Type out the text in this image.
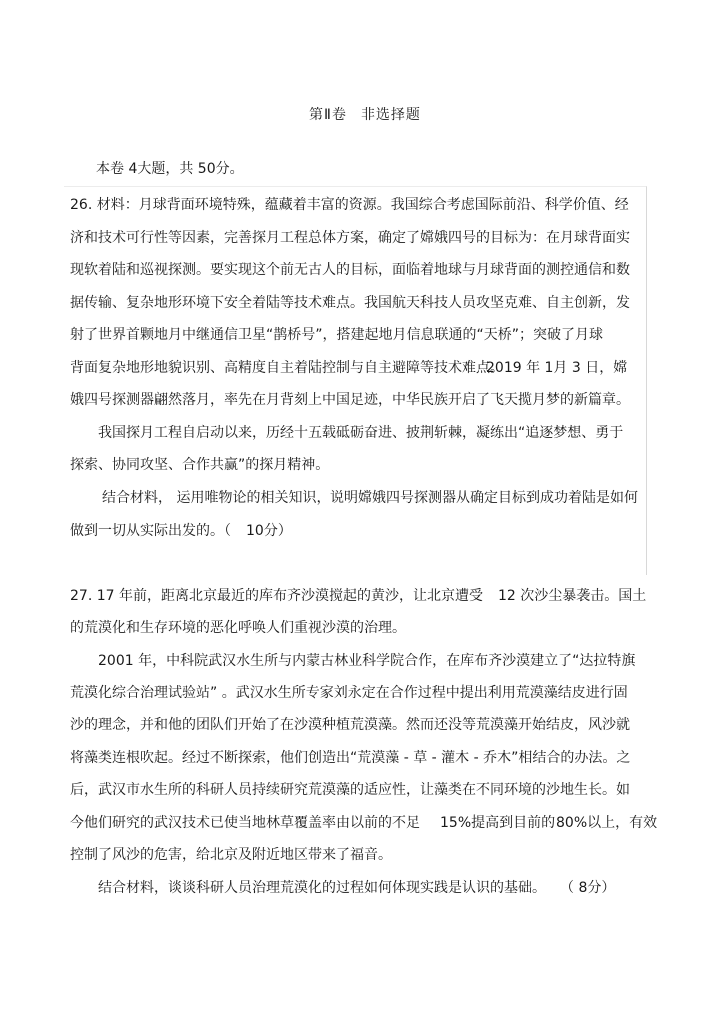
第Ⅱ卷 非选择题
本卷 4大题，共 50分。
26. 材料：月球背面环境特殊，蕴藏着丰富的资源。我国综合考虑国际前沿、科学价值、经
济和技术可行性等因素，完善探月工程总体方案，确定了嫦娥四号的目标为：在月球背面实
现软着陆和巡视探测。要实现这个前无古人的目标，面临着地球与月球背面的测控通信和数
据传输、复杂地形环境下安全着陆等技术难点。我国航天科技人员攻坚克难、自主创新，发
射了世界首颗地月中继通信卫星“鹊桥号”，搭建起地月信息联通的“天桥”；突破了月球
背面复杂地形地貌识别、高精度自主着陆控制与自主避障等技术难点。
2019 年 1月 3 日，嫦
娥四号探测器翩然落月，率先在月背刻上中国足迹，中华民族开启了飞天揽月梦的新篇章。
我国探月工程自启动以来，历经十五载砥砺奋进、披荆斩棘，凝练出“追逐梦想、勇于
探索、协同攻坚、合作共赢”的探月精神。
结合材料， 运用唯物论的相关知识， 说明嫦娥四号探测器从确定目标到成功着陆是如何
做到一切从实际出发的。（ 10分）
27. 17 年前，距离北京最近的库布齐沙漠搅起的黄沙，让北京遭受 12 次沙尘暴袭击。国土
的荒漠化和生存环境的恶化呼唤人们重视沙漠的治理。
2001 年，中科院武汉水生所与内蒙古林业科学院合作，在库布齐沙漠建立了“达拉特旗
荒漠化综合治理试验站” 。武汉水生所专家刘永定在合作过程中提出利用荒漠藻结皮进行固
沙的理念，并和他的团队们开始了在沙漠种植荒漠藻。然而还没等荒漠藻开始结皮，风沙就
将藻类连根吹起。经过不断探索，他们创造出“荒漠藻 - 草 - 灌木 - 乔木”相结合的办法。之
后，武汉市水生所的科研人员持续研究荒漠藻的适应性，让藻类在不同环境的沙地生长。如
今他们研究的武汉技术已使当地林草覆盖率由以前的不足 15%提高到目前的 80%以上，有效
控制了风沙的危害，给北京及附近地区带来了福音。
结合材料，谈谈科研人员治理荒漠化的过程如何体现实践是认识的基础。 （ 8分）
